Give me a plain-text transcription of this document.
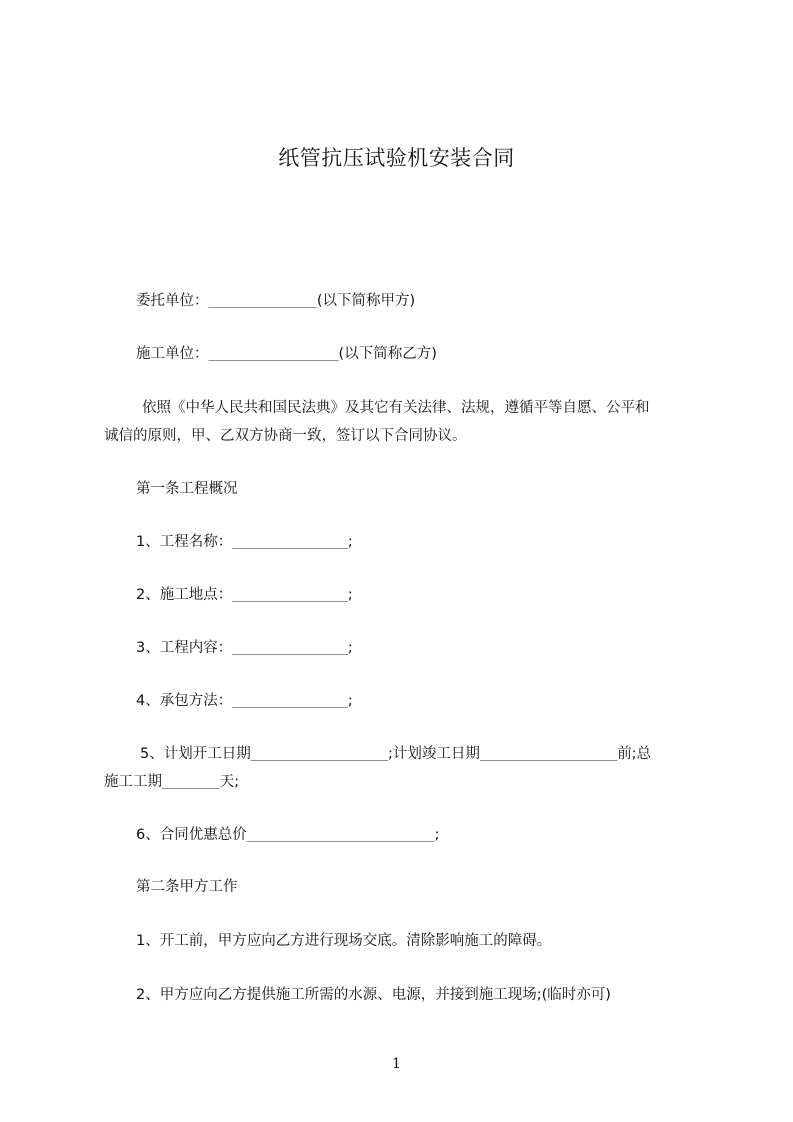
纸管抗压试验机安装合同
委托单位：_______________(以下简称甲方)
施工单位：__________________(以下简称乙方)
依照《中华人民共和国民法典》及其它有关法律、法规，遵循平等自愿、公平和
诚信的原则，甲、乙双方协商一致，签订以下合同协议。
第一条工程概况
1、工程名称：________________;
2、施工地点：________________;
3、工程内容：________________;
4、承包方法：________________;
5、计划开工日期___________________;计划竣工日期___________________前;总
施工工期________天;
6、合同优惠总价__________________________;
第二条甲方工作
1、开工前，甲方应向乙方进行现场交底。清除影响施工的障碍。
2、甲方应向乙方提供施工所需的水源、电源，并接到施工现场;(临时亦可)
1
